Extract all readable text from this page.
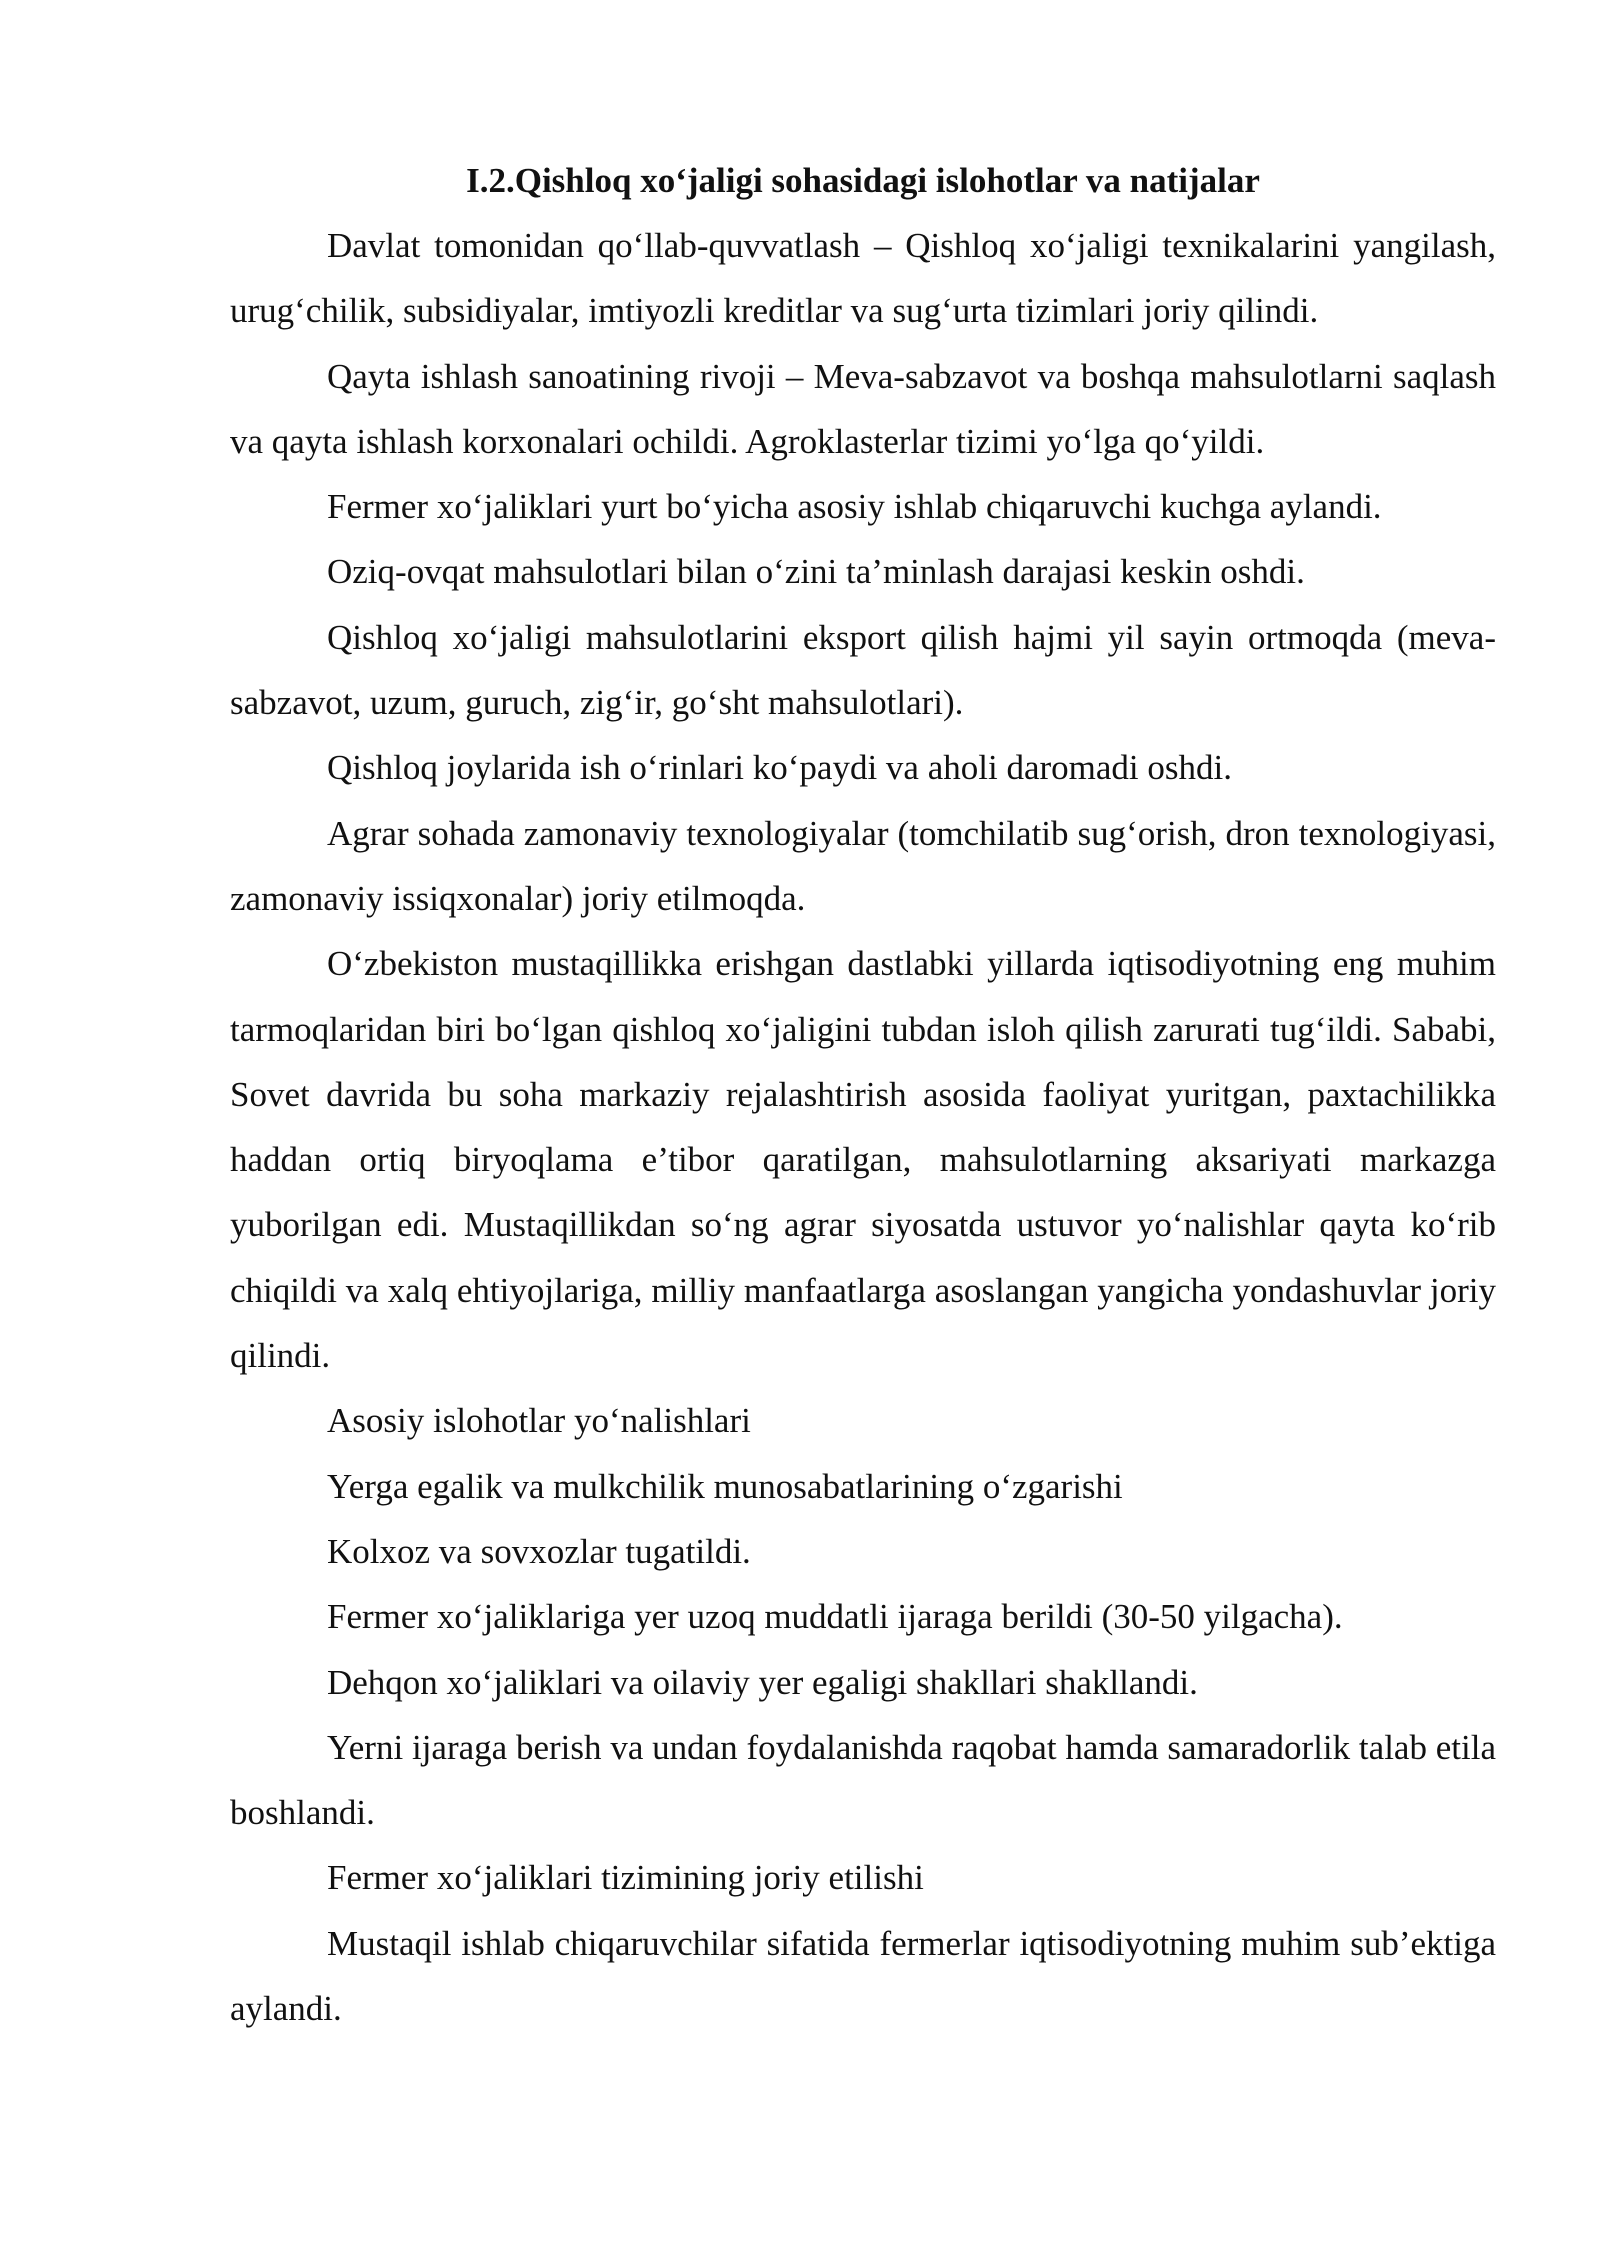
I.2.Qishloq xo‘jaligi sohasidagi islohotlar va natijalar

Davlat tomonidan qo‘llab-quvvatlash – Qishloq xo‘jaligi texnikalarini yangilash, urug‘chilik, subsidiyalar, imtiyozli kreditlar va sug‘urta tizimlari joriy qilindi.

Qayta ishlash sanoatining rivoji – Meva-sabzavot va boshqa mahsulotlarni saqlash va qayta ishlash korxonalari ochildi. Agroklasterlar tizimi yo‘lga qo‘yildi.

Fermer xo‘jaliklari yurt bo‘yicha asosiy ishlab chiqaruvchi kuchga aylandi.

Oziq-ovqat mahsulotlari bilan o‘zini ta’minlash darajasi keskin oshdi.

Qishloq xo‘jaligi mahsulotlarini eksport qilish hajmi yil sayin ortmoqda (meva-sabzavot, uzum, guruch, zig‘ir, go‘sht mahsulotlari).

Qishloq joylarida ish o‘rinlari ko‘paydi va aholi daromadi oshdi.

Agrar sohada zamonaviy texnologiyalar (tomchilatib sug‘orish, dron texnologiyasi, zamonaviy issiqxonalar) joriy etilmoqda.

O‘zbekiston mustaqillikka erishgan dastlabki yillarda iqtisodiyotning eng muhim tarmoqlaridan biri bo‘lgan qishloq xo‘jaligini tubdan isloh qilish zarurati tug‘ildi. Sababi, Sovet davrida bu soha markaziy rejalashtirish asosida faoliyat yuritgan, paxtachilikka haddan ortiq biryoqlama e’tibor qaratilgan, mahsulotlarning aksariyati markazga yuborilgan edi. Mustaqillikdan so‘ng agrar siyosatda ustuvor yo‘nalishlar qayta ko‘rib chiqildi va xalq ehtiyojlariga, milliy manfaatlarga asoslangan yangicha yondashuvlar joriy qilindi.

Asosiy islohotlar yo‘nalishlari

Yerga egalik va mulkchilik munosabatlarining o‘zgarishi

Kolxoz va sovxozlar tugatildi.

Fermer xo‘jaliklariga yer uzoq muddatli ijaraga berildi (30-50 yilgacha).

Dehqon xo‘jaliklari va oilaviy yer egaligi shakllari shakllandi.

Yerni ijaraga berish va undan foydalanishda raqobat hamda samaradorlik talab etila boshlandi.

Fermer xo‘jaliklari tizimining joriy etilishi

Mustaqil ishlab chiqaruvchilar sifatida fermerlar iqtisodiyotning muhim sub’ektiga aylandi.
